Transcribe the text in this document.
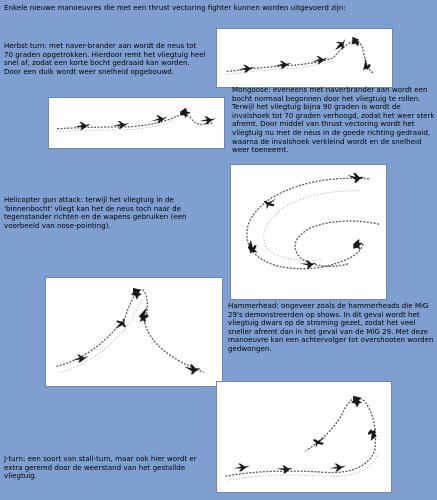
Enkele nieuwe manoeuvres die met een thrust vectoring fighter kunnen worden uitgevoerd zijn:
Herbst turn: met naver-brander aan wordt de neus tot
70 graden opgetrokken. Hierdoor remt het vliegtuig heel
snel af, zodat een korte bocht gedraaid kan worden.
Door een duik wordt weer snelheid opgebouwd.
Mongoose: eveneens met naverbrander aan wordt een
bocht normaal begonnen door het vliegtuig te rollen.
Terwijl het vliegtuig bijna 90 graden is wordt de
invalshoek tot 70 graden verhoogd, zodat het weer sterk
afremt. Door middel van thrust vectoring wordt het
vliegtuig nu met de neus in de goede richting gedraaid,
waarna de invalshoek verkleind wordt en de snelheid
weer toeneemt.
Helicopter gun attack: terwijl het vliegtuig in de
'binnenbocht' vliegt kan het de neus toch naar de
tegenstander richten en de wapens gebruiken (een
voorbeeld van nose-pointing).
Hammerhead: ongeveer zoals de hammerheads die MiG
29's demonstreerden op shows. In dit geval wordt het
vliegtuig dwars op de stroming gezet, zodat het veel
sneller afremt dan in het geval van de MiG 29. Met deze
manoeuvre kan een achtervolger tot overshooten worden
gedwongen.
J-turn: een soort van stall-turn, maar ook hier wordt er
extra geremd door de weerstand van het gestallde
vliegtuig.
